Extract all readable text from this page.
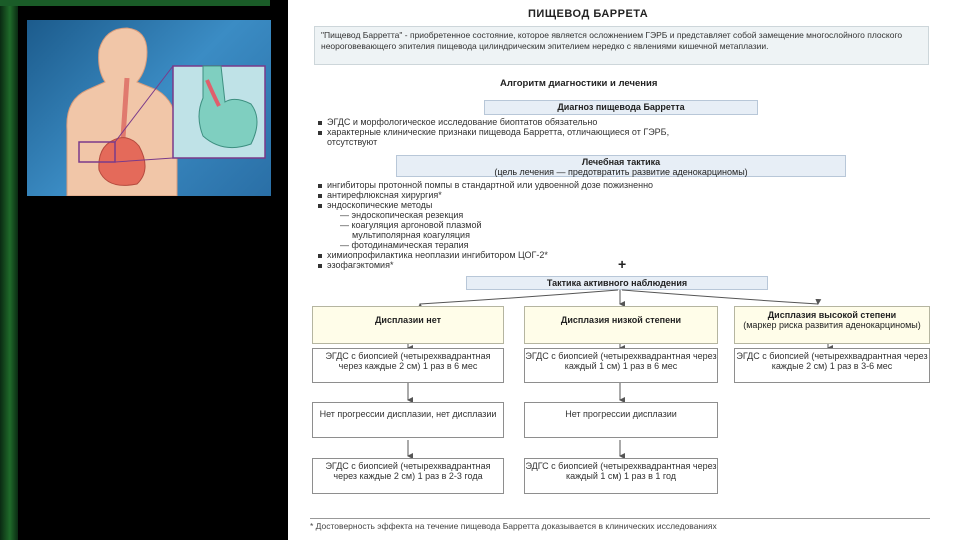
ПИЩЕВОД БАРРЕТА
"Пищевод Барретта" - приобретенное состояние, которое является осложнением ГЭРБ и представляет собой замещение многослойного плоского неороговевающего эпителия пищевода цилиндрическим эпителием нередко с явлениями кишечной метаплазии.
Алгоритм диагностики и лечения
Диагноз пищевода Барретта
ЭГДС и морфологическое исследование биоптатов обязательно
характерные клинические признаки пищевода Барретта, отличающиеся от ГЭРБ,
отсутствуют
Лечебная тактика
(цель лечения — предотвратить развитие аденокарциномы)
ингибиторы протонной помпы в стандартной или удвоенной дозе пожизненно
антирефлюксная хирургия*
эндоскопические методы
— эндоскопическая резекция
— коагуляция аргоновой плазмой
мультиполярная коагуляция
— фотодинамическая терапия
химиопрофилактика неоплазии ингибитором ЦОГ-2*
эзофагэктомия*	+
Тактика активного наблюдения
Дисплазии нет
ЭГДС с биопсией (четырехквадрантная через каждые 2 см) 1 раз в 6 мес
Нет прогрессии дисплазии, нет дисплазии
ЭГДС с биопсией (четырехквадрантная через каждые 2 см) 1 раз в 2-3 года
Дисплазия низкой степени
ЭГДС с биопсией (четырехквадрантная через каждый 1 см) 1 раз в 6 мес
Нет прогрессии дисплазии
ЭДГС с биопсией (четырехквадрантная через каждый 1 см) 1 раз в 1 год
Дисплазия высокой степени
(маркер риска развития аденокарциномы)
ЭГДС с биопсией (четырехквадрантная через каждые 2 см) 1 раз в 3-6 мес
* Достоверность эффекта на течение пищевода Барретта доказывается в клинических исследованиях
